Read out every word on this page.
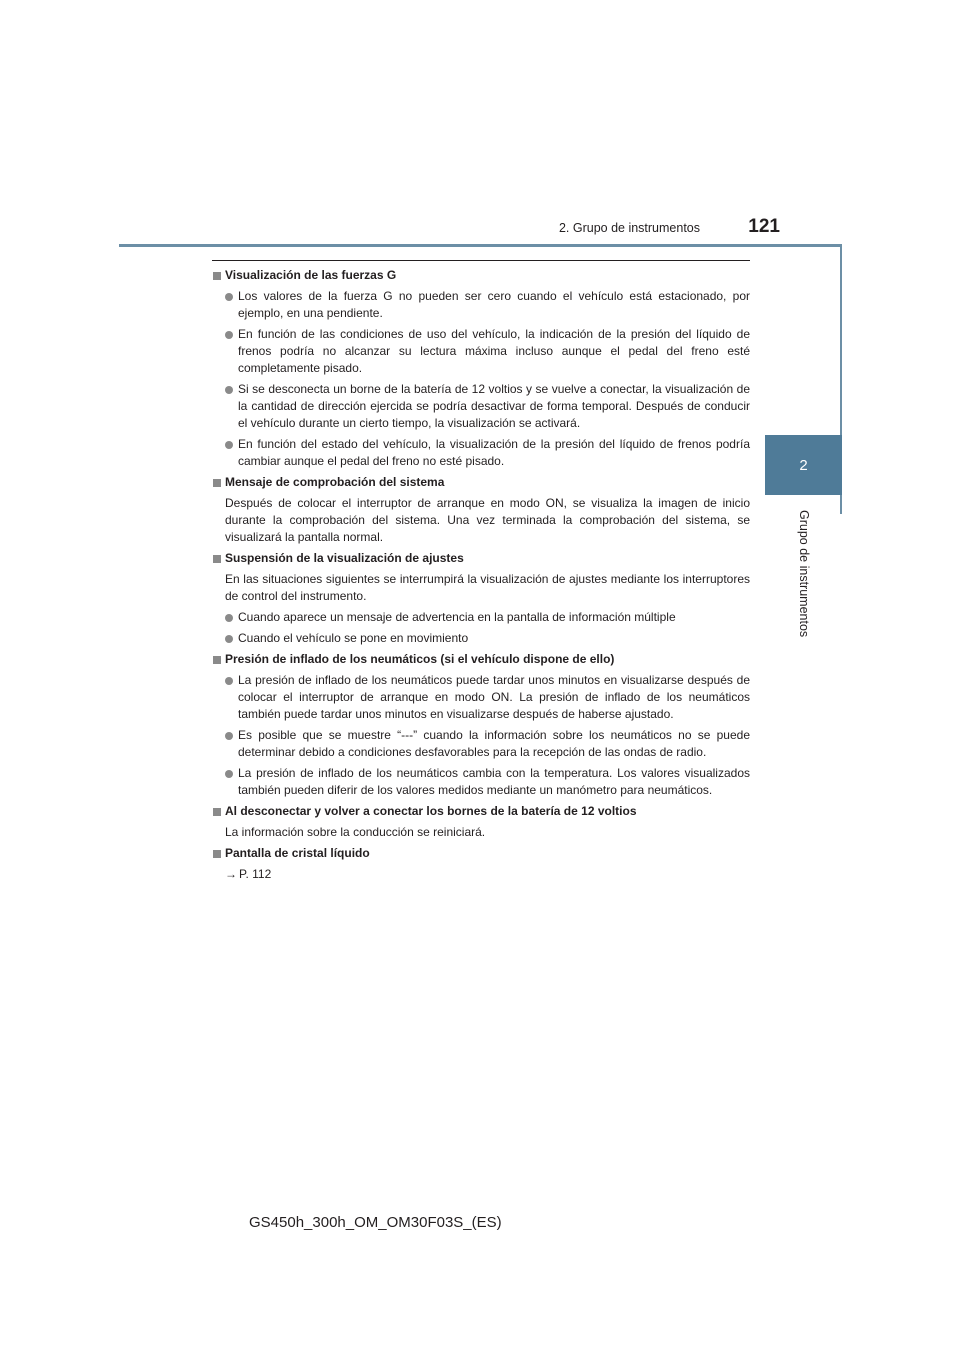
2. Grupo de instrumentos	121
2
Grupo de instrumentos
Visualización de las fuerzas G
Los valores de la fuerza G no pueden ser cero cuando el vehículo está estacionado, por ejemplo, en una pendiente.
En función de las condiciones de uso del vehículo, la indicación de la presión del líquido de frenos podría no alcanzar su lectura máxima incluso aunque el pedal del freno esté completamente pisado.
Si se desconecta un borne de la batería de 12 voltios y se vuelve a conectar, la visualización de la cantidad de dirección ejercida se podría desactivar de forma temporal. Después de conducir el vehículo durante un cierto tiempo, la visualización se activará.
En función del estado del vehículo, la visualización de la presión del líquido de frenos podría cambiar aunque el pedal del freno no esté pisado.
Mensaje de comprobación del sistema
Después de colocar el interruptor de arranque en modo ON, se visualiza la imagen de inicio durante la comprobación del sistema. Una vez terminada la comprobación del sistema, se visualizará la pantalla normal.
Suspensión de la visualización de ajustes
En las situaciones siguientes se interrumpirá la visualización de ajustes mediante los interruptores de control del instrumento.
Cuando aparece un mensaje de advertencia en la pantalla de información múltiple
Cuando el vehículo se pone en movimiento
Presión de inflado de los neumáticos (si el vehículo dispone de ello)
La presión de inflado de los neumáticos puede tardar unos minutos en visualizarse después de colocar el interruptor de arranque en modo ON. La presión de inflado de los neumáticos también puede tardar unos minutos en visualizarse después de haberse ajustado.
Es posible que se muestre “---” cuando la información sobre los neumáticos no se puede determinar debido a condiciones desfavorables para la recepción de las ondas de radio.
La presión de inflado de los neumáticos cambia con la temperatura. Los valores visualizados también pueden diferir de los valores medidos mediante un manómetro para neumáticos.
Al desconectar y volver a conectar los bornes de la batería de 12 voltios
La información sobre la conducción se reiniciará.
Pantalla de cristal líquido
→ P. 112
GS450h_300h_OM_OM30F03S_(ES)
